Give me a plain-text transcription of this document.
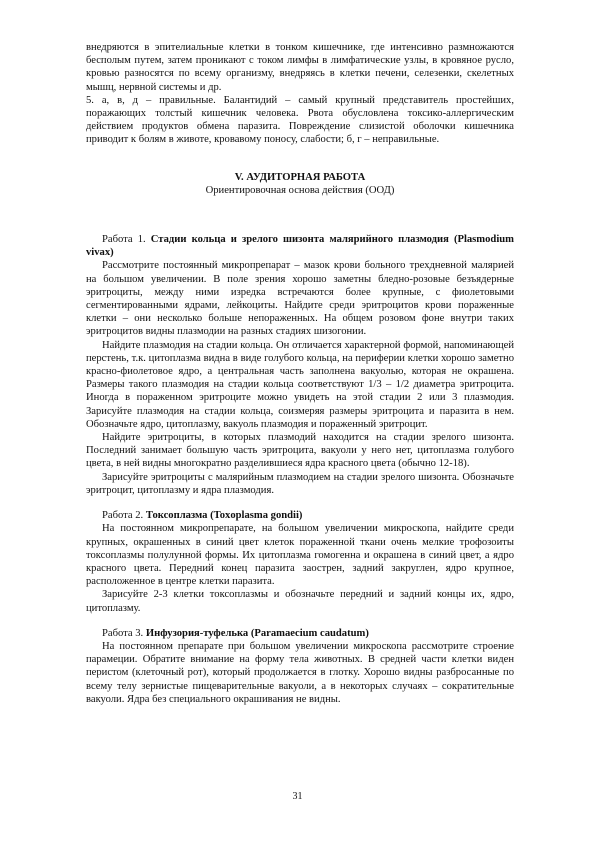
внедряются в эпителиальные клетки в тонком кишечнике, где интенсивно размножаются бесполым путем, затем проникают с током лимфы в лимфатические узлы, в кровяное русло, кровью разносятся по всему организму, внедряясь в клетки печени, селезенки, скелетных мышц, нервной системы и др.

5. а, в, д – правильные. Балантидий – самый крупный представитель простейших, поражающих толстый кишечник человека. Рвота обусловлена токсико-аллергическим действием продуктов обмена паразита. Повреждение слизистой оболочки кишечника приводит к болям в животе, кровавому поносу, слабости; б, г – неправильные.

V. АУДИТОРНАЯ РАБОТА

Ориентировочная основа действия (ООД)

Работа 1. Стадии кольца и зрелого шизонта малярийного плазмодия (Plasmodium vivax)

Рассмотрите постоянный микропрепарат – мазок крови больного трехдневной малярией на большом увеличении. В поле зрения хорошо заметны бледно-розовые безъядерные эритроциты, между ними изредка встречаются более крупные, с фиолетовыми сегментированными ядрами, лейкоциты. Найдите среди эритроцитов крови пораженные клетки – они несколько больше непораженных. На общем розовом фоне внутри таких эритроцитов видны плазмодии на разных стадиях шизогонии.

Найдите плазмодия на стадии кольца. Он отличается характерной формой, напоминающей перстень, т.к. цитоплазма видна в виде голубого кольца, на периферии клетки хорошо заметно красно-фиолетовое ядро, а центральная часть заполнена вакуолью, которая не окрашена. Размеры такого плазмодия на стадии кольца соответствуют 1/3 – 1/2 диаметра эритроцита. Иногда в пораженном эритроците можно увидеть на этой стадии 2 или 3 плазмодия. Зарисуйте плазмодия на стадии кольца, соизмеряя размеры эритроцита и паразита в нем. Обозначьте ядро, цитоплазму, вакуоль плазмодия и пораженный эритроцит.

Найдите эритроциты, в которых плазмодий находится на стадии зрелого шизонта. Последний занимает большую часть эритроцита, вакуоли у него нет, цитоплазма голубого цвета, в ней видны многократно разделившиеся ядра красного цвета (обычно 12-18).

Зарисуйте эритроциты с малярийным плазмодием на стадии зрелого шизонта. Обозначьте эритроцит, цитоплазму и ядра плазмодия.

Работа 2. Токсоплазма (Toxoplasma gondii)

На постоянном микропрепарате, на большом увеличении микроскопа, найдите среди крупных, окрашенных в синий цвет клеток пораженной ткани очень мелкие трофозоиты токсоплазмы полулунной формы. Их цитоплазма гомогенна и окрашена в синий цвет, а ядро красного цвета. Передний конец паразита заострен, задний закруглен, ядро крупное, расположенное в центре клетки паразита.

Зарисуйте 2-3 клетки токсоплазмы и обозначьте передний и задний концы их, ядро, цитоплазму.

Работа 3. Инфузория-туфелька (Paramaecium caudatum)

На постоянном препарате при большом увеличении микроскопа рассмотрите строение парамеции. Обратите внимание на форму тела животных. В средней части клетки виден перистом (клеточный рот), который продолжается в глотку. Хорошо видны разбросанные по всему телу зернистые пищеварительные вакуоли, а в некоторых случаях – сократительные вакуоли. Ядра без специального окрашивания не видны.

31
